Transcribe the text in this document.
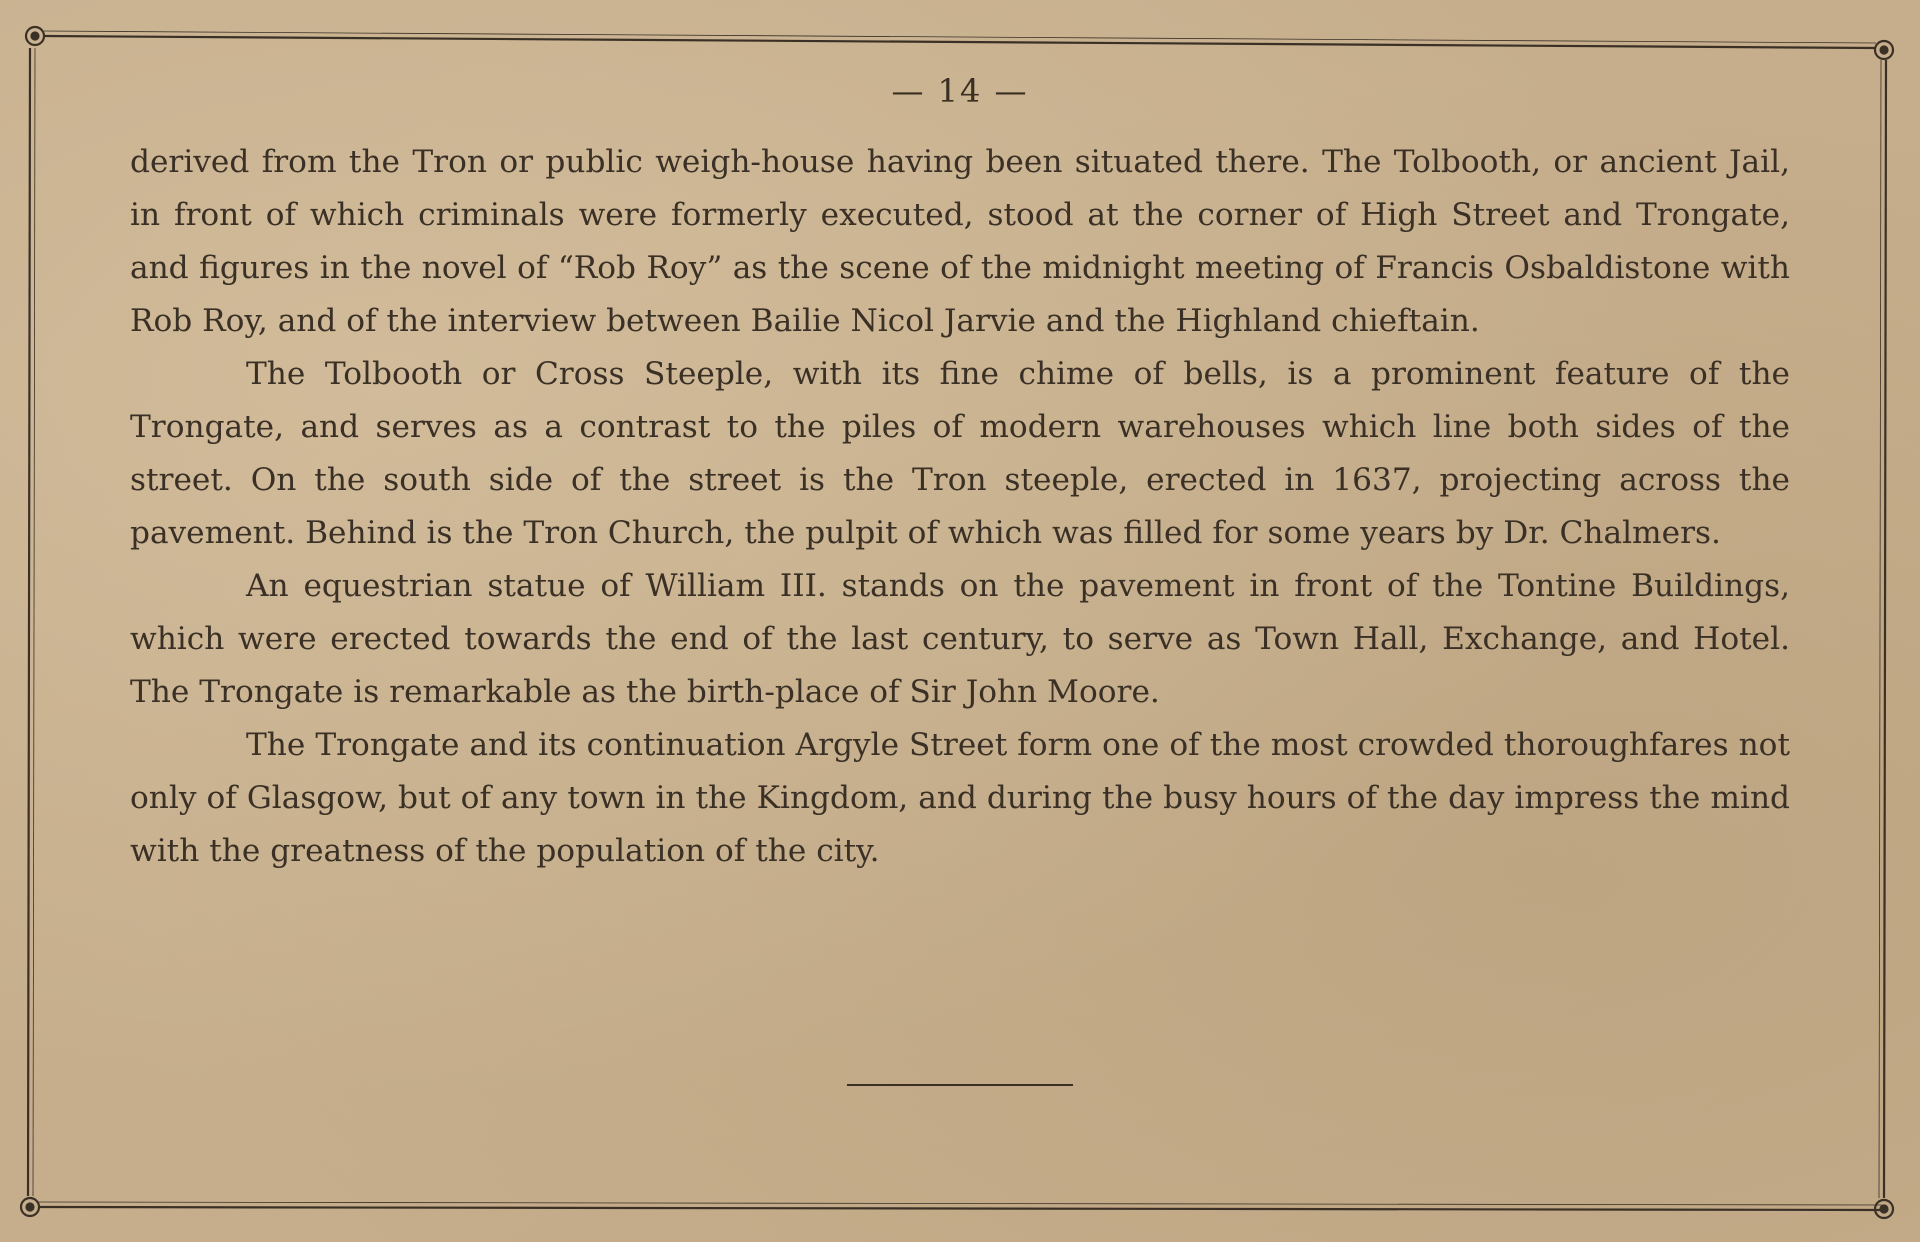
— 14 —

derived from the Tron or public weigh-house having been situated there. The Tolbooth, or ancient Jail, in front of which criminals were formerly executed, stood at the corner of High Street and Trongate, and figures in the novel of “Rob Roy” as the scene of the midnight meeting of Francis Osbaldistone with Rob Roy, and of the interview between Bailie Nicol Jarvie and the Highland chieftain.

The Tolbooth or Cross Steeple, with its fine chime of bells, is a prominent feature of the Trongate, and serves as a contrast to the piles of modern warehouses which line both sides of the street. On the south side of the street is the Tron steeple, erected in 1637, projecting across the pavement. Behind is the Tron Church, the pulpit of which was filled for some years by Dr. Chalmers.

An equestrian statue of William III. stands on the pavement in front of the Tontine Buildings, which were erected towards the end of the last century, to serve as Town Hall, Exchange, and Hotel. The Trongate is remarkable as the birth-place of Sir John Moore.

The Trongate and its continuation Argyle Street form one of the most crowded thoroughfares not only of Glasgow, but of any town in the Kingdom, and during the busy hours of the day impress the mind with the greatness of the population of the city.
